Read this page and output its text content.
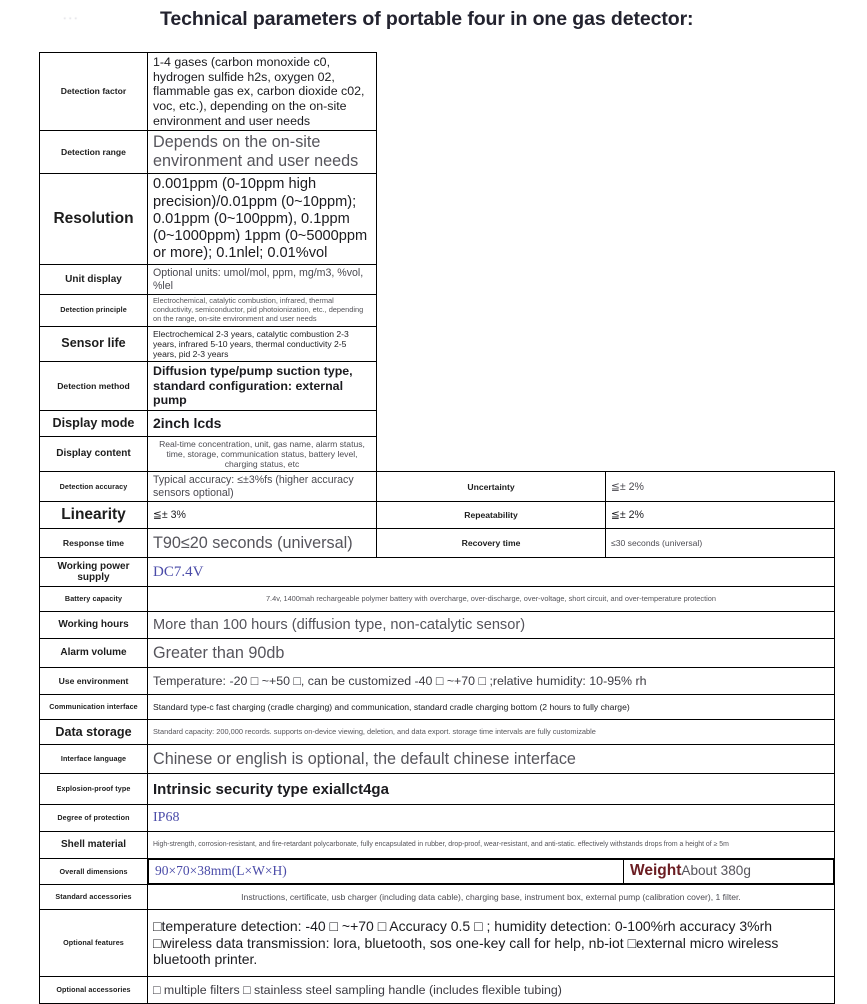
···	Technical parameters of portable four in one gas detector:
Detection factor	1-4 gases (carbon monoxide c0, hydrogen sulfide h2s, oxygen 02, flammable gas ex, carbon dioxide c02, voc, etc.), depending on the on-site environment and user needs
Detection range	Depends on the on-site environment and user needs
Resolution	0.001ppm (0-10ppm high precision)/0.01ppm (0~10ppm); 0.01ppm (0~100ppm), 0.1ppm (0~1000ppm) 1ppm (0~5000ppm or more); 0.1nlel; 0.01%vol
Unit display	Optional units: umol/mol, ppm, mg/m3, %vol, %lel
Detection principle	Electrochemical, catalytic combustion, infrared, thermal conductivity, semiconductor, pid photoionization, etc., depending on the range, on-site environment and user needs
Sensor life	Electrochemical 2-3 years, catalytic combustion 2-3 years, infrared 5-10 years, thermal conductivity 2-5 years, pid 2-3 years
Detection method	Diffusion type/pump suction type, standard configuration: external pump
Display mode	2inch lcds
Display content	Real-time concentration, unit, gas name, alarm status, time, storage, communication status, battery level, charging status, etc
Detection accuracy	Typical accuracy: ≤±3%fs (higher accuracy sensors optional)	Uncertainty	≦± 2%
Linearity	≦± 3%	Repeatability	≦± 2%
Response time	T90≤20 seconds (universal)	Recovery time	≤30 seconds (universal)
Working power supply	DC7.4V
Battery capacity	7.4v, 1400mah rechargeable polymer battery with overcharge, over-discharge, over-voltage, short circuit, and over-temperature protection
Working hours	More than 100 hours (diffusion type, non-catalytic sensor)
Alarm volume	Greater than 90db
Use environment	Temperature: -20 □ ~+50 □, can be customized -40 □ ~+70 □ ;relative humidity: 10-95% rh
Communication interface	Standard type-c fast charging (cradle charging) and communication, standard cradle charging bottom (2 hours to fully charge)
Data storage	Standard capacity: 200,000 records. supports on-device viewing, deletion, and data export. storage time intervals are fully customizable
Interface language	Chinese or english is optional, the default chinese interface
Explosion-proof type	Intrinsic security type exiallct4ga
Degree of protection	IP68
Shell material	High-strength, corrosion-resistant, and fire-retardant polycarbonate, fully encapsulated in rubber, drop-proof, wear-resistant, and anti-static. effectively withstands drops from a height of ≥ 5m
Overall dimensions	90×70×38mm(L×W×H)	WeightAbout 380g

Standard accessories	Instructions, certificate, usb charger (including data cable), charging base, instrument box, external pump (calibration cover), 1 filter.
Optional features	□temperature detection: -40 □ ~+70 □ Accuracy 0.5 □ ; humidity detection: 0-100%rh accuracy 3%rh □wireless data transmission: lora, bluetooth, sos one-key call for help, nb-iot □external micro wireless bluetooth printer.
Optional accessories	□ multiple filters □ stainless steel sampling handle (includes flexible tubing)
